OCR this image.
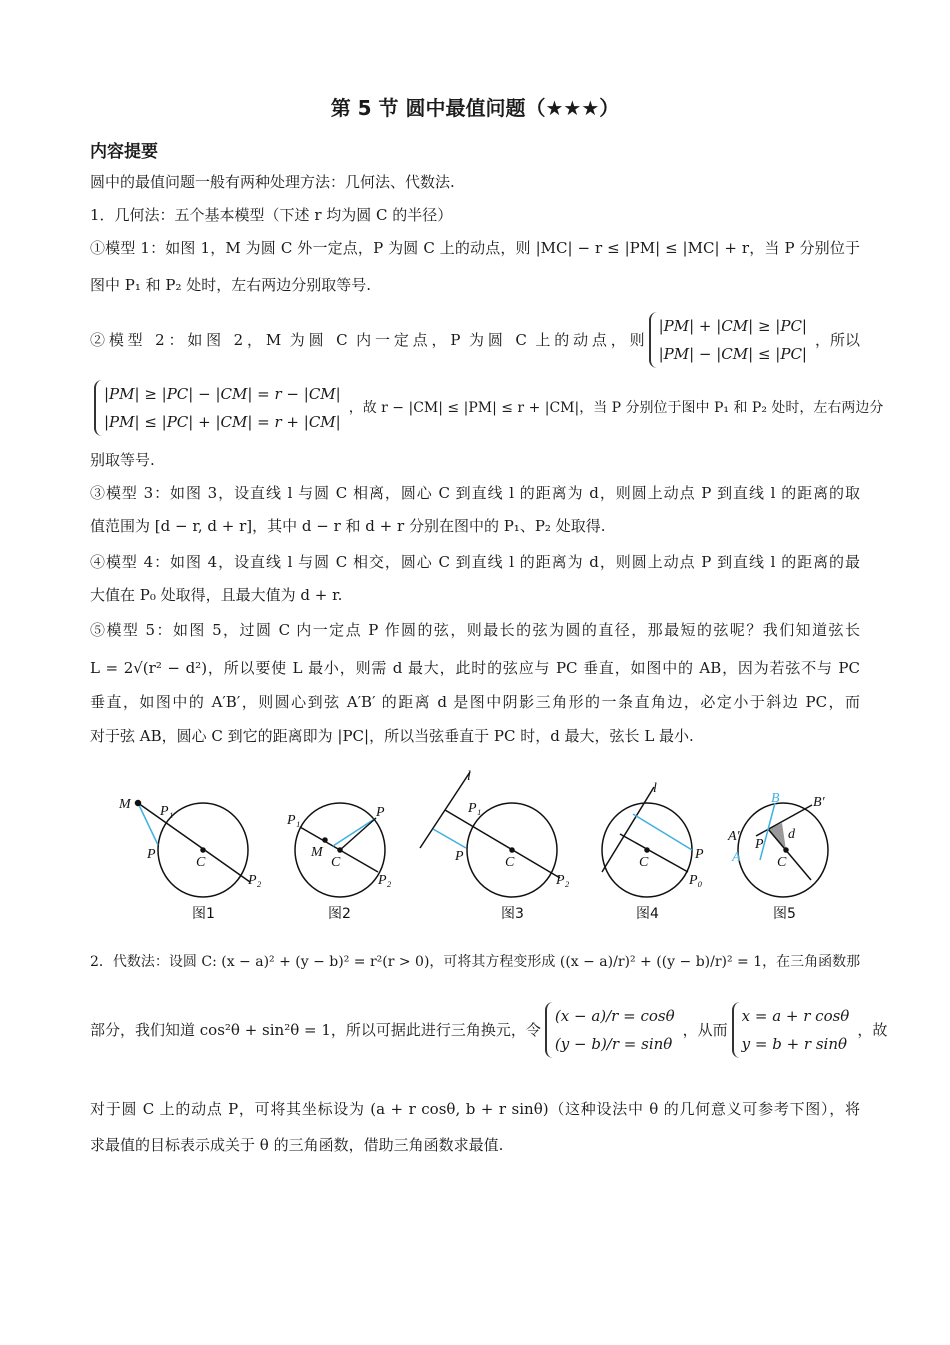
第 5 节 圆中最值问题（★★★）
内容提要
圆中的最值问题一般有两种处理方法：几何法、代数法.
1．几何法：五个基本模型（下述 r 均为圆 C 的半径）
①模型 1：如图 1，M 为圆 C 外一定点，P 为圆 C 上的动点，则 |MC| − r ≤ |PM| ≤ |MC| + r，当 P 分别位于
图中 P₁ 和 P₂ 处时，左右两边分别取等号.
②模型 2：如图 2，M 为圆 C 内一定点，P 为圆 C 上的动点，则
|PM| + |CM| ≥ |PC|
|PM| − |CM| ≤ |PC|
，所以
|PM| ≥ |PC| − |CM| = r − |CM|
|PM| ≤ |PC| + |CM| = r + |CM|
，故 r − |CM| ≤ |PM| ≤ r + |CM|，当 P 分别位于图中 P₁ 和 P₂ 处时，左右两边分
别取等号.
③模型 3：如图 3，设直线 l 与圆 C 相离，圆心 C 到直线 l 的距离为 d，则圆上动点 P 到直线 l 的距离的取
值范围为 [d − r, d + r]，其中 d − r 和 d + r 分别在图中的 P₁、P₂ 处取得.
④模型 4：如图 4，设直线 l 与圆 C 相交，圆心 C 到直线 l 的距离为 d，则圆上动点 P 到直线 l 的距离的最
大值在 P₀ 处取得，且最大值为 d + r.
⑤模型 5：如图 5，过圆 C 内一定点 P 作圆的弦，则最长的弦为圆的直径，那最短的弦呢？我们知道弦长
L = 2√(r² − d²)，所以要使 L 最小，则需 d 最大，此时的弦应与 PC 垂直，如图中的 AB，因为若弦不与 PC
垂直，如图中的 A′B′，则圆心到弦 A′B′ 的距离 d 是图中阴影三角形的一条直角边，必定小于斜边 PC，而
对于弦 AB，圆心 C 到它的距离即为 |PC|，所以当弦垂直于 PC 时，d 最大，弦长 L 最小.
M P₁
P
C
P₂
图1
P₁
P
M
C
P₂
图2
l
P₁
P	C
P₂
图3
l
P
C
P₀
图4
B B′
A′	d
P
A	C
图5
2．代数法：设圆 C: (x − a)² + (y − b)² = r²(r > 0)，可将其方程变形成 ((x − a)/r)² + ((y − b)/r)² = 1，在三角函数那
部分，我们知道 cos²θ + sin²θ = 1，所以可据此进行三角换元，令
(x − a)/r = cosθ
(y − b)/r = sinθ
，从而
x = a + r cosθ
y = b + r sinθ
，故
对于圆 C 上的动点 P，可将其坐标设为 (a + r cosθ, b + r sinθ)（这种设法中 θ 的几何意义可参考下图），将
求最值的目标表示成关于 θ 的三角函数，借助三角函数求最值.
